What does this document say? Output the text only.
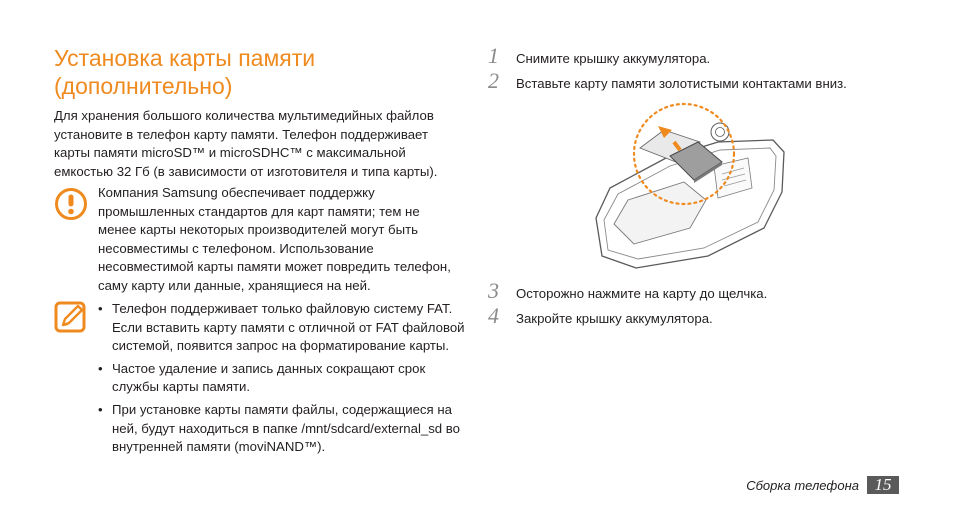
Установка карты памяти (дополнительно)

Для хранения большого количества мультимедийных файлов установите в телефон карту памяти. Телефон поддерживает карты памяти microSD™ и microSDHC™ с максимальной емкостью 32 Гб (в зависимости от изготовителя и типа карты).

Компания Samsung обеспечивает поддержку промышленных стандартов для карт памяти; тем не менее карты некоторых производителей могут быть несовместимы с телефоном. Использование несовместимой карты памяти может повредить телефон, саму карту или данные, хранящиеся на ней.

• Телефон поддерживает только файловую систему FAT. Если вставить карту памяти с отличной от FAT файловой системой, появится запрос на форматирование карты.
• Частое удаление и запись данных сокращают срок службы карты памяти.
• При установке карты памяти файлы, содержащиеся на ней, будут находиться в папке /mnt/sdcard/external_sd во внутренней памяти (moviNAND™).
1	Снимите крышку аккумулятора.
2	Вставьте карту памяти золотистыми контактами вниз.
3	Осторожно нажмите на карту до щелчка.
4	Закройте крышку аккумулятора.
Сборка телефона 15
